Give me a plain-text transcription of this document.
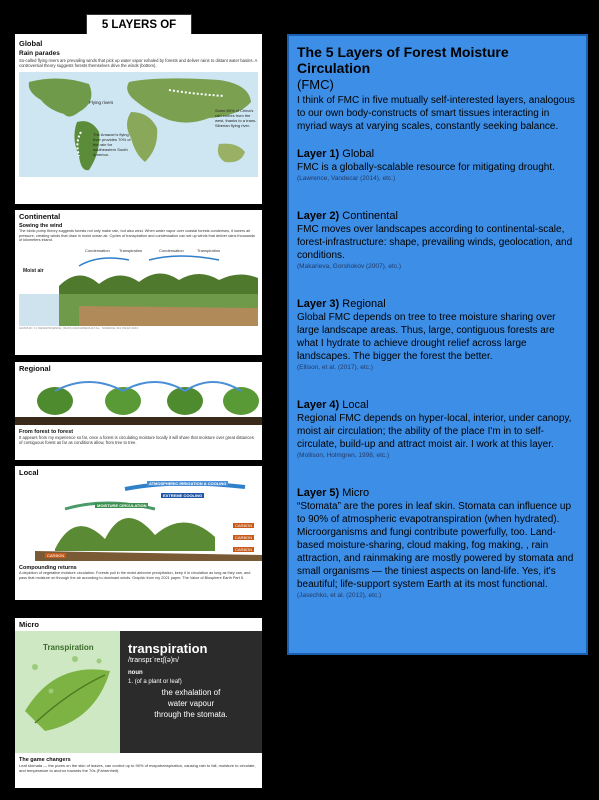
5 LAYERS OF
Global
Rain parades
So-called flying rivers are prevailing winds that pick up water vapor exhaled by forests and deliver rains to distant water basins. A controversial theory suggests forests themselves drive the winds (bottom).
Flying rivers
Some 80% of China's rain comes from the west, thanks to a trans-Siberian flying river.
The Amazon's flying river provides 70% of the rain for southeastern South America.
Continental
Sowing the wind
The biotic pump theory suggests forests not only make rain, but also wind. When water vapor over coastal forests condenses, it lowers air pressure, creating winds that draw in moist ocean air. Cycles of transpiration and condensation can set up winds that deliver rains thousands of kilometers inland.
Moist air
Condensation Transpiration	Condensation	Transpiration
GRAPHIC: N. DESAI/SCIENCE; (DATA) MAKARIEVA ET AL., SCIENCE 341 (6142) 2013
Regional
From forest to forest
It appears from my experience so far, once a forest is circulating moisture locally it will share that moisture over great distances of contiguous forest as far as conditions allow, from tree to tree.
Local
ATMOSPHERIC IRRIGATION & COOLING
EXTREME COOLING
MOISTURE CIRCULATION
CARBON
CARBON
CARBON
CARBON
Compounding returns
A depiction of vegetative moisture circulation. Forests pull in the moist airborne precipitation, keep it in circulation as long as they can, and pass that moisture on through the air according to dominant winds. Graphic from my 2021 paper, The Value of Biosphere Earth Part 5.
Micro
Transpiration	transpiration
/transpɪˈreɪʃ(ə)n/
noun
1. (of a plant or leaf)
the exhalation of
water vapour
through the stomata.
The game changers
Leaf stomata — the pores on the skin of leaves, can control up to 90% of evapotranspiration, causing rain to fall, moisture to circulate, and temperature to anchor towards the 70s (Fahrenheit).
The 5 Layers of Forest Moisture Circulation
(FMC)
I think of FMC in five mutually self-interested layers, analogous to our own body-constructs of smart tissues interacting in myriad ways at varying scales, constantly seeking balance.
Layer 1) Global

FMC is a globally-scalable resource for mitigating drought.

(Lawrence, Vandecar (2014), etc.)
Layer 2) Continental

FMC moves over landscapes according to continental-scale, forest-infrastructure: shape, prevailing winds, geolocation, and conditions.

(Makarieva, Gorshokov (2007), etc.)
Layer 3) Regional

Global FMC depends on tree to tree moisture sharing over large landscape areas. Thus, large, contiguous forests are what I hydrate to achieve drought relief across large landscapes. The bigger the forest the better.

(Ellison, et al. (2017), etc.)
Layer 4) Local

Regional FMC depends on hyper-local, interior, under canopy, moist air circulation; the ability of the place I'm in to self-circulate, build-up and attract moist air. I work at this layer.

(Mollison, Holmgren, 1998, etc.)
Layer 5) Micro

“Stomata” are the pores in leaf skin. Stomata can influence up to 90% of atmospheric evapotranspiration (when hydrated). Microorganisms and fungi contribute powerfully, too. Land-based moisture-sharing, cloud making, fog making, , rain attraction, and rainmaking are mostly powered by stomata and small organisms — the tiniest aspects on land-life. Yes, it's beautiful; life-support system Earth at its most functional.

(Jasechko, et al. (2012), etc.)
